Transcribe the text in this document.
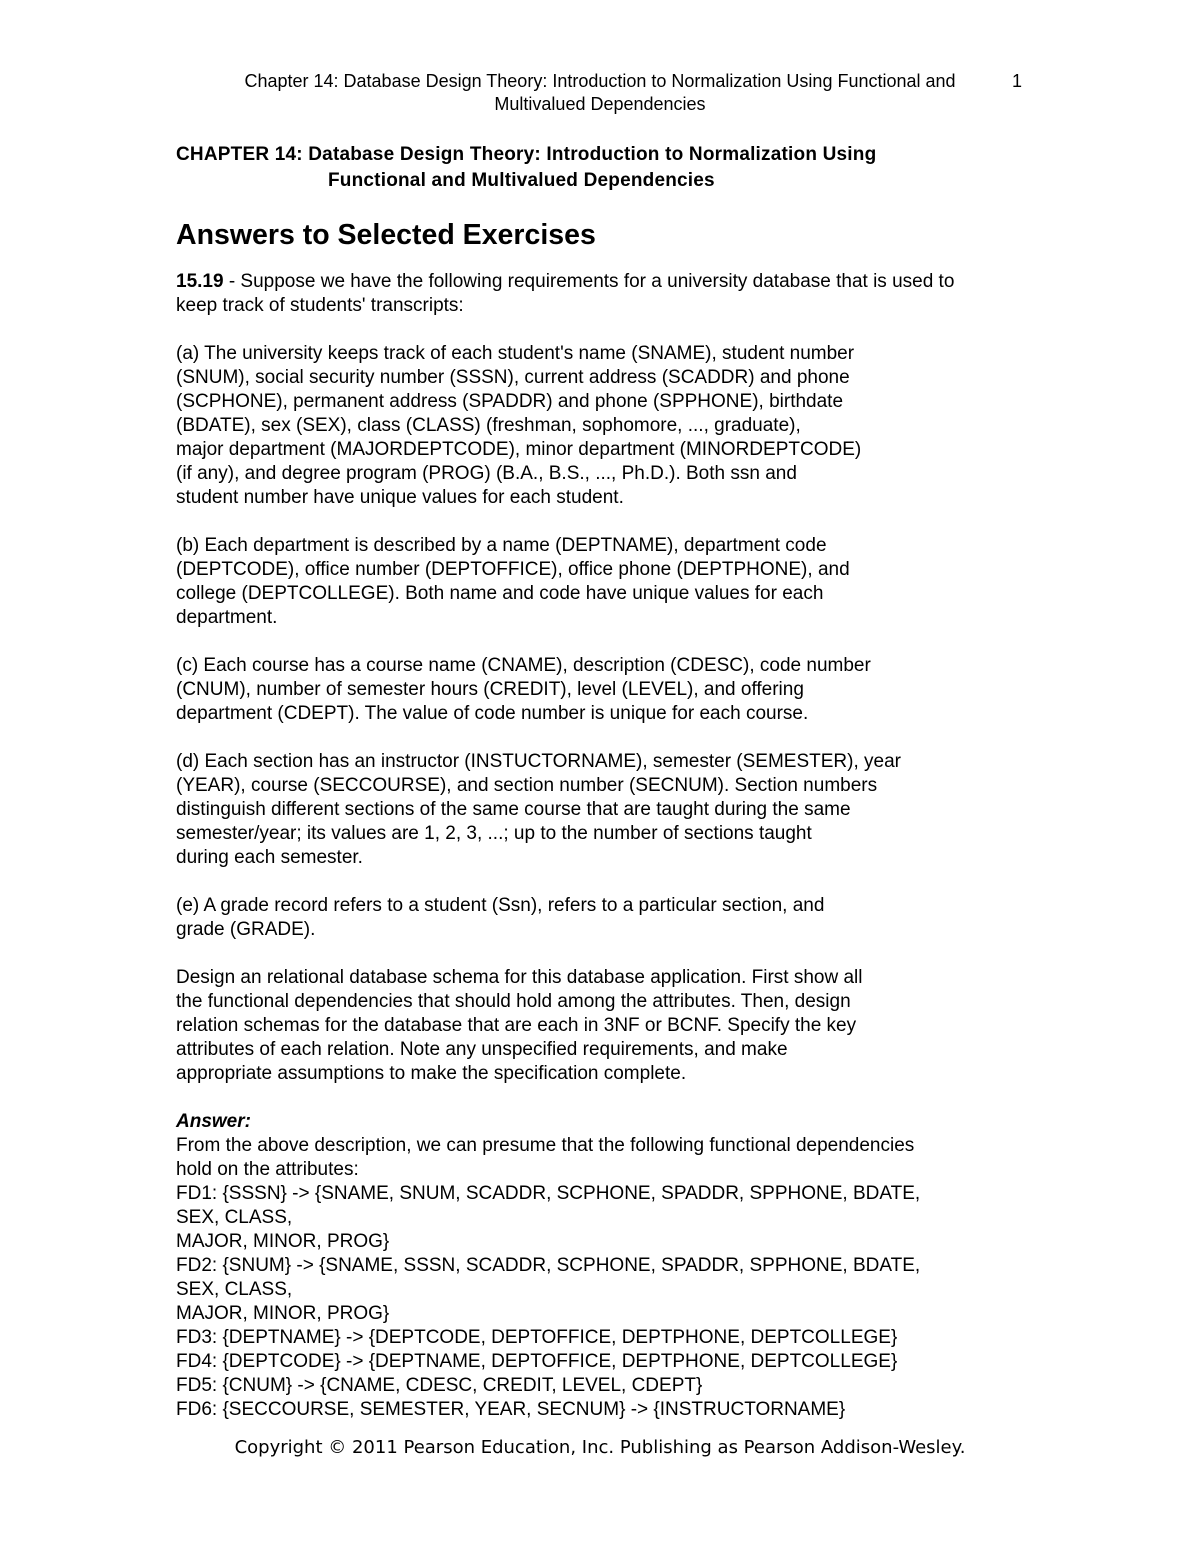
Chapter 14: Database Design Theory: Introduction to Normalization Using Functional and
Multivalued Dependencies
1
CHAPTER 14: Database Design Theory: Introduction to Normalization Using
Functional and Multivalued Dependencies
Answers to Selected Exercises

15.19 - Suppose we have the following requirements for a university database that is used to
keep track of students' transcripts:

(a) The university keeps track of each student's name (SNAME), student number
(SNUM), social security number (SSSN), current address (SCADDR) and phone
(SCPHONE), permanent address (SPADDR) and phone (SPPHONE), birthdate
(BDATE), sex (SEX), class (CLASS) (freshman, sophomore, ..., graduate),
major department (MAJORDEPTCODE), minor department (MINORDEPTCODE)
(if any), and degree program (PROG) (B.A., B.S., ..., Ph.D.). Both ssn and
student number have unique values for each student.

(b) Each department is described by a name (DEPTNAME), department code
(DEPTCODE), office number (DEPTOFFICE), office phone (DEPTPHONE), and
college (DEPTCOLLEGE). Both name and code have unique values for each
department.

(c) Each course has a course name (CNAME), description (CDESC), code number
(CNUM), number of semester hours (CREDIT), level (LEVEL), and offering
department (CDEPT). The value of code number is unique for each course.

(d) Each section has an instructor (INSTUCTORNAME), semester (SEMESTER), year
(YEAR), course (SECCOURSE), and section number (SECNUM). Section numbers
distinguish different sections of the same course that are taught during the same
semester/year; its values are 1, 2, 3, ...; up to the number of sections taught
during each semester.

(e) A grade record refers to a student (Ssn), refers to a particular section, and
grade (GRADE).

Design an relational database schema for this database application. First show all
the functional dependencies that should hold among the attributes. Then, design
relation schemas for the database that are each in 3NF or BCNF. Specify the key
attributes of each relation. Note any unspecified requirements, and make
appropriate assumptions to make the specification complete.

Answer:
From the above description, we can presume that the following functional dependencies
hold on the attributes:
FD1: {SSSN} -> {SNAME, SNUM, SCADDR, SCPHONE, SPADDR, SPPHONE, BDATE,
SEX, CLASS,
MAJOR, MINOR, PROG}
FD2: {SNUM} -> {SNAME, SSSN, SCADDR, SCPHONE, SPADDR, SPPHONE, BDATE,
SEX, CLASS,
MAJOR, MINOR, PROG}
FD3: {DEPTNAME} -> {DEPTCODE, DEPTOFFICE, DEPTPHONE, DEPTCOLLEGE}
FD4: {DEPTCODE} -> {DEPTNAME, DEPTOFFICE, DEPTPHONE, DEPTCOLLEGE}
FD5: {CNUM} -> {CNAME, CDESC, CREDIT, LEVEL, CDEPT}
FD6: {SECCOURSE, SEMESTER, YEAR, SECNUM} -> {INSTRUCTORNAME}
Copyright © 2011 Pearson Education, Inc. Publishing as Pearson Addison-Wesley.
